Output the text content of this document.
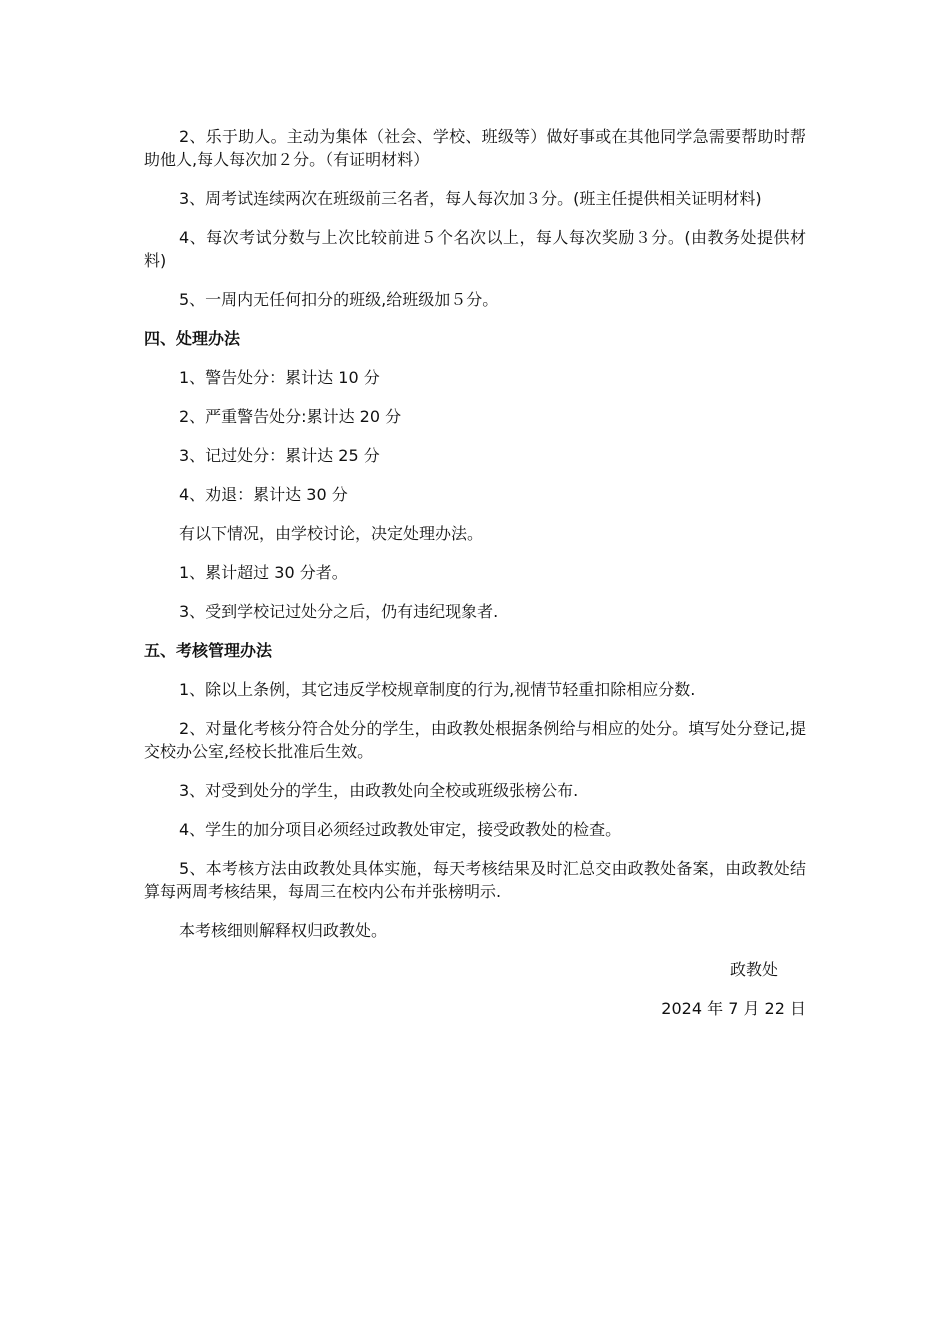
2、乐于助人。主动为集体（社会、学校、班级等）做好事或在其他同学急需要帮助时帮助他人,每人每次加２分。（有证明材料）

3、周考试连续两次在班级前三名者，每人每次加３分。(班主任提供相关证明材料)

4、每次考试分数与上次比较前进５个名次以上，每人每次奖励３分。(由教务处提供材料)

5、一周内无任何扣分的班级,给班级加５分。

四、处理办法

1、警告处分：累计达 10 分

2、严重警告处分:累计达 20 分

3、记过处分：累计达 25 分

4、劝退：累计达 30 分

有以下情况，由学校讨论，决定处理办法。

1、累计超过 30 分者。

3、受到学校记过处分之后，仍有违纪现象者.

五、考核管理办法

1、除以上条例，其它违反学校规章制度的行为,视情节轻重扣除相应分数.

2、对量化考核分符合处分的学生，由政教处根据条例给与相应的处分。填写处分登记,提交校办公室,经校长批准后生效。

3、对受到处分的学生，由政教处向全校或班级张榜公布.

4、学生的加分项目必须经过政教处审定，接受政教处的检查。

5、本考核方法由政教处具体实施，每天考核结果及时汇总交由政教处备案，由政教处结算每两周考核结果，每周三在校内公布并张榜明示.

本考核细则解释权归政教处。

政教处

2024 年 7 月 22 日
